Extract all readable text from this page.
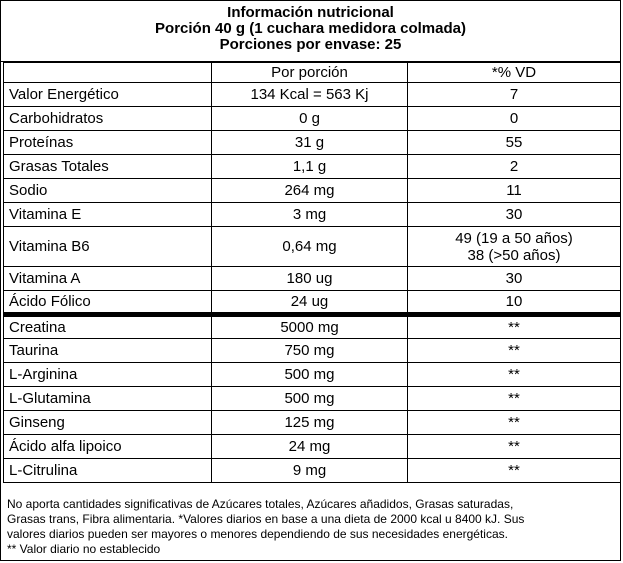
Información nutricional
Porción 40 g (1 cuchara medidora colmada)
Porciones por envase: 25
	Por porción	*% VD
Valor Energético	134 Kcal = 563 Kj	7
Carbohidratos	0 g	0
Proteínas	31 g	55
Grasas Totales	1,1 g	2
Sodio	264 mg	11
Vitamina E	3 mg	30
Vitamina B6	0,64 mg	49 (19 a 50 años)
38 (>50 años)

Vitamina A	180 ug	30
Ácido Fólico	24 ug	10
Creatina	5000 mg	**
Taurina	750 mg	**
L-Arginina	500 mg	**
L-Glutamina	500 mg	**
Ginseng	125 mg	**
Ácido alfa lipoico	24 mg	**
L-Citrulina	9 mg	**
No aporta cantidades significativas de Azúcares totales, Azúcares añadidos, Grasas saturadas,
Grasas trans, Fibra alimentaria. *Valores diarios en base a una dieta de 2000 kcal u 8400 kJ. Sus
valores diarios pueden ser mayores o menores dependiendo de sus necesidades energéticas.
** Valor diario no establecido
